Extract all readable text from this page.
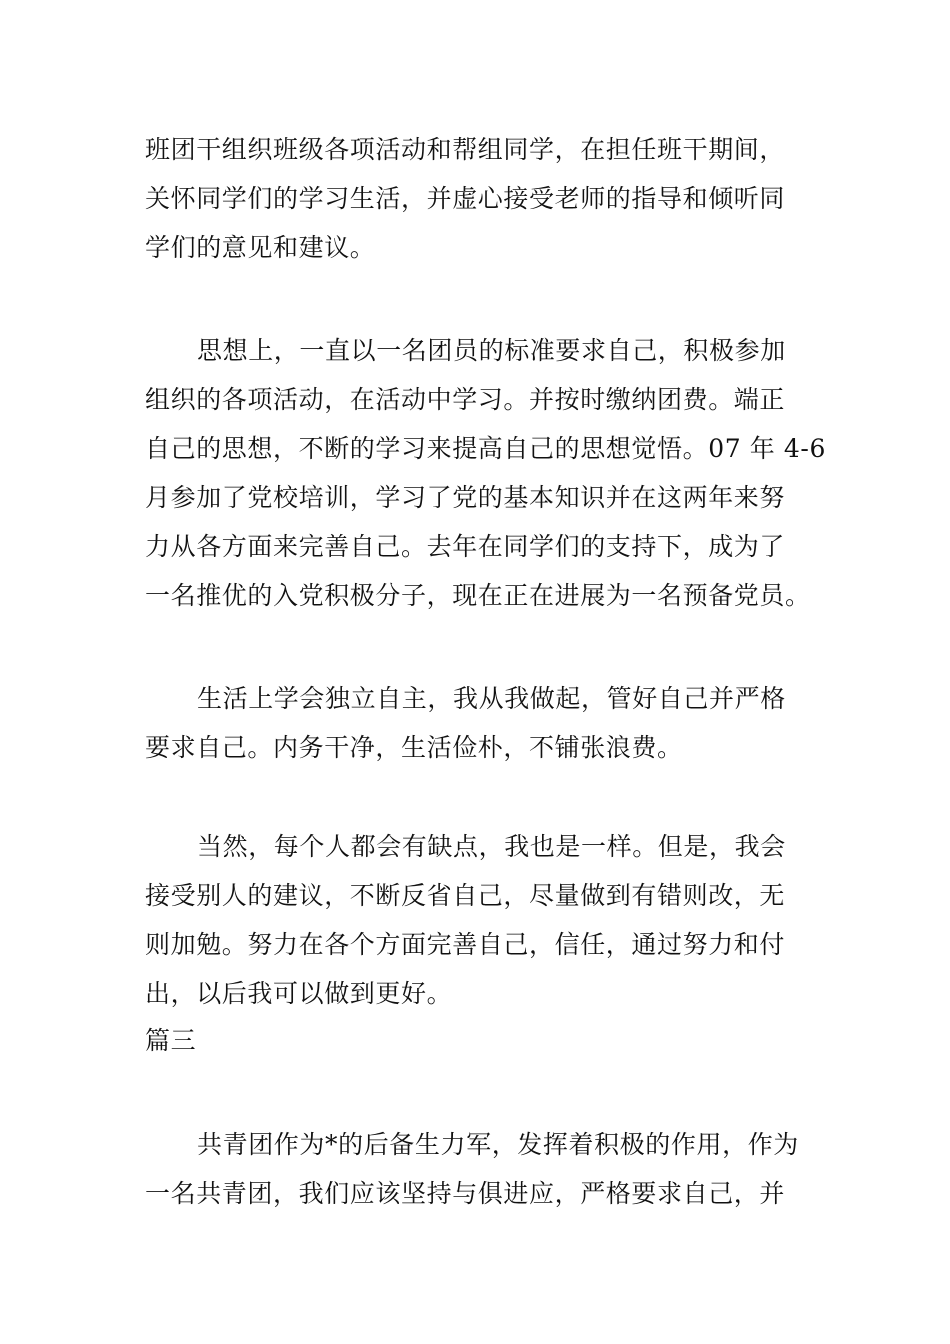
班团干组织班级各项活动和帮组同学，在担任班干期间，
关怀同学们的学习生活，并虚心接受老师的指导和倾听同
学们的意见和建议。
思想上，一直以一名团员的标准要求自己，积极参加
组织的各项活动，在活动中学习。并按时缴纳团费。端正
自己的思想，不断的学习来提高自己的思想觉悟。07 年 4-6
月参加了党校培训，学习了党的基本知识并在这两年来努
力从各方面来完善自己。去年在同学们的支持下，成为了
一名推优的入党积极分子，现在正在进展为一名预备党员。
生活上学会独立自主，我从我做起，管好自己并严格
要求自己。内务干净，生活俭朴，不铺张浪费。
当然，每个人都会有缺点，我也是一样。但是，我会
接受别人的建议，不断反省自己，尽量做到有错则改，无
则加勉。努力在各个方面完善自己，信任，通过努力和付
出，以后我可以做到更好。
篇三
共青团作为*的后备生力军，发挥着积极的作用，作为
一名共青团，我们应该坚持与俱进应，严格要求自己，并
